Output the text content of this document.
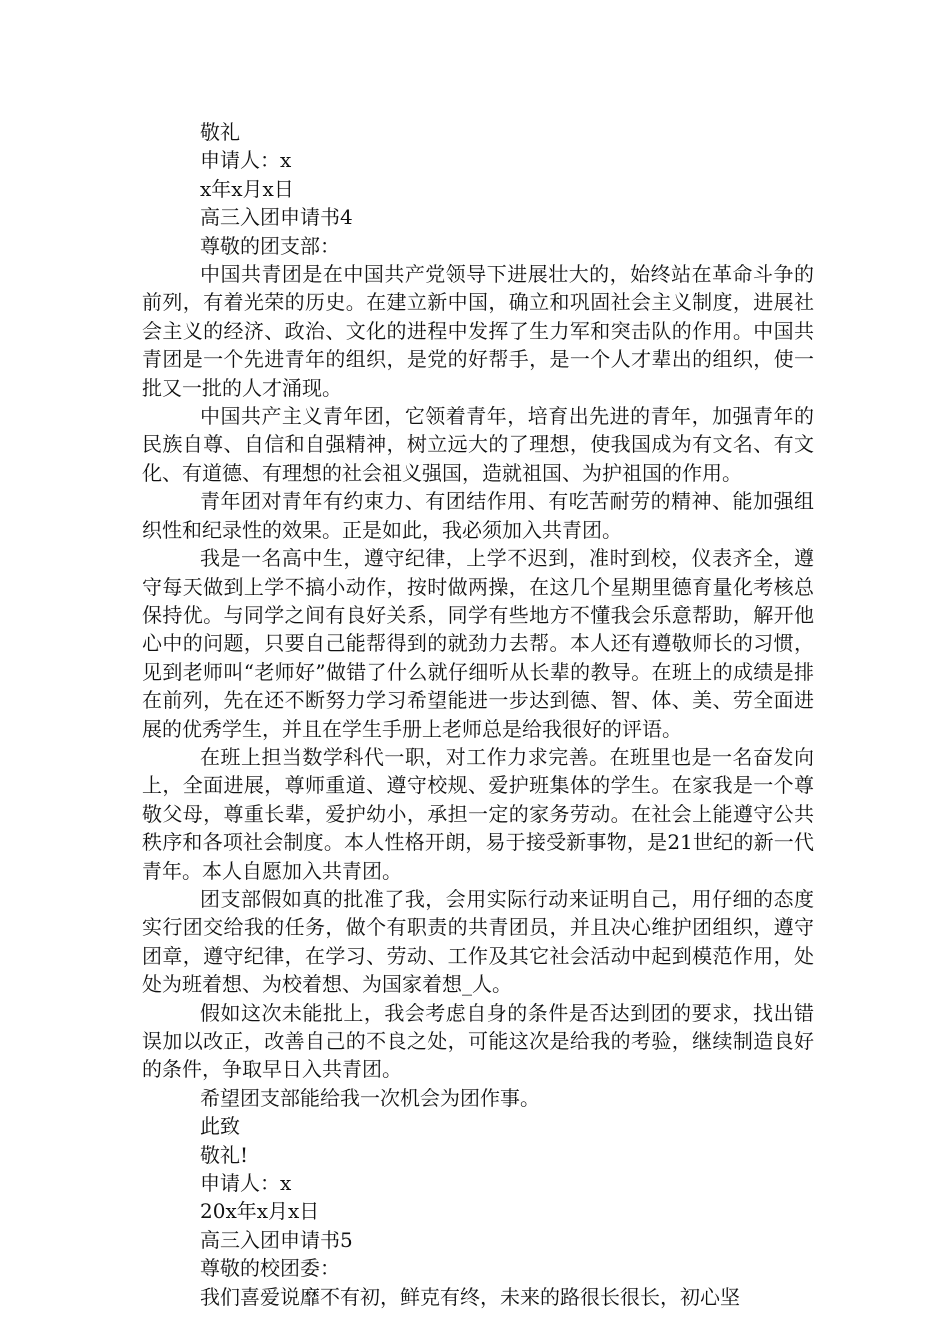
敬礼

申请人：x

x年x月x日

高三入团申请书4

尊敬的团支部：

中国共青团是在中国共产党领导下进展壮大的，始终站在革命斗争的前列，有着光荣的历史。在建立新中国，确立和巩固社会主义制度，进展社会主义的经济、政治、文化的进程中发挥了生力军和突击队的作用。中国共青团是一个先进青年的组织，是党的好帮手，是一个人才辈出的组织，使一批又一批的人才涌现。

中国共产主义青年团，它领着青年，培育出先进的青年，加强青年的民族自尊、自信和自强精神，树立远大的了理想，使我国成为有文名、有文化、有道德、有理想的社会祖义强国，造就祖国、为护祖国的作用。

青年团对青年有约束力、有团结作用、有吃苦耐劳的精神、能加强组织性和纪录性的效果。正是如此，我必须加入共青团。

我是一名高中生，遵守纪律，上学不迟到，准时到校，仪表齐全，遵守每天做到上学不搞小动作，按时做两操，在这几个星期里德育量化考核总保持优。与同学之间有良好关系，同学有些地方不懂我会乐意帮助，解开他心中的问题，只要自己能帮得到的就劲力去帮。本人还有遵敬师长的习惯，见到老师叫“老师好”做错了什么就仔细听从长辈的教导。在班上的成绩是排在前列，先在还不断努力学习希望能进一步达到德、智、体、美、劳全面进展的优秀学生，并且在学生手册上老师总是给我很好的评语。

在班上担当数学科代一职，对工作力求完善。在班里也是一名奋发向上，全面进展，尊师重道、遵守校规、爱护班集体的学生。在家我是一个尊敬父母，尊重长辈，爱护幼小，承担一定的家务劳动。在社会上能遵守公共秩序和各项社会制度。本人性格开朗，易于接受新事物，是21世纪的新一代青年。本人自愿加入共青团。

团支部假如真的批准了我，会用实际行动来证明自己，用仔细的态度实行团交给我的任务，做个有职责的共青团员，并且决心维护团组织，遵守团章，遵守纪律，在学习、劳动、工作及其它社会活动中起到模范作用，处处为班着想、为校着想、为国家着想_人。

假如这次未能批上，我会考虑自身的条件是否达到团的要求，找出错误加以改正，改善自己的不良之处，可能这次是给我的考验，继续制造良好的条件，争取早日入共青团。

希望团支部能给我一次机会为团作事。

此致

敬礼!

申请人：x

20x年x月x日

高三入团申请书5

尊敬的校团委：

我们喜爱说靡不有初，鲜克有终，未来的路很长很长，初心坚
